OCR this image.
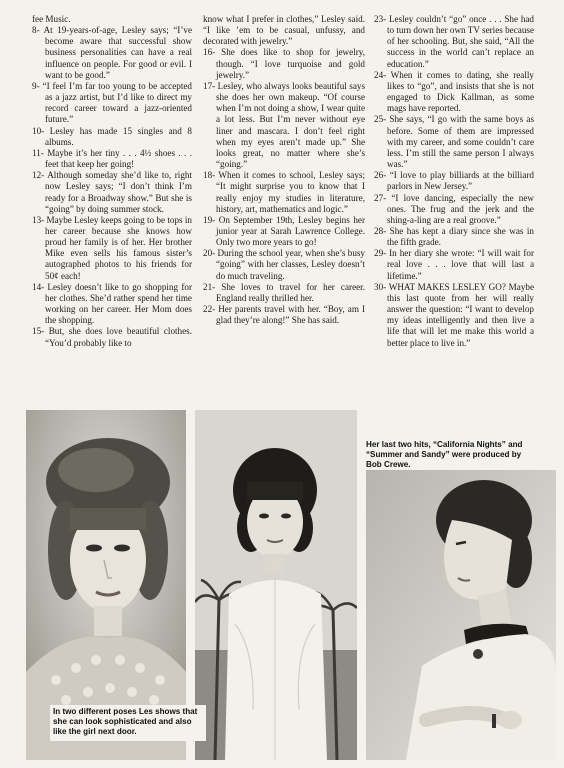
fee Music.

8- At 19-years-of-age, Lesley says; “I’ve become aware that successful show business personalities can have a real influence on people. For good or evil. I want to be good.”

9- “I feel I’m far too young to be accepted as a jazz artist, but I’d like to direct my record career toward a jazz-oriented future.”

10- Lesley has made 15 singles and 8 albums.

11- Maybe it’s her tiny . . . 4½ shoes . . . feet that keep her going!

12- Although someday she’d like to, right now Lesley says; “I don’t think I’m ready for a Broadway show.” But she is “going” by doing summer stock.

13- Maybe Lesley keeps going to be tops in her career because she knows how proud her family is of her. Her brother Mike even sells his famous sister’s autographed photos to his friends for 50¢ each!

14- Lesley doesn’t like to go shopping for her clothes. She’d rather spend her time working on her career. Her Mom does the shopping.

15- But, she does love beautiful clothes. “You’d probably like to

know what I prefer in clothes,” Lesley said. “I like ’em to be casual, unfussy, and decorated with jewelry.”

16- She does like to shop for jewelry, though. “I love turquoise and gold jewelry.”

17- Lesley, who always looks beautiful says she does her own makeup. “Of course when I’m not doing a show, I wear quite a lot less. But I’m never without eye liner and mascara. I don’t feel right when my eyes aren’t made up.” She looks great, no matter where she’s “going.”

18- When it comes to school, Lesley says; “It might surprise you to know that I really enjoy my studies in literature, history, art, mathematics and logic.”

19- On September 19th, Lesley begins her junior year at Sarah Lawrence College. Only two more years to go!

20- During the school year, when she’s busy “going” with her classes, Lesley doesn’t do much traveling.

21- She loves to travel for her career. England really thrilled her.

22- Her parents travel with her. “Boy, am I glad they’re along!” She has said.

23- Lesley couldn’t “go” once . . . She had to turn down her own TV series because of her schooling. But, she said, “All the success in the world can’t replace an education.”

24- When it comes to dating, she really likes to “go”, and insists that she is not engaged to Dick Kallman, as some mags have reported.

25- She says, “I go with the same boys as before. Some of them are impressed with my career, and some couldn’t care less. I’m still the same person I always was.”

26- “I love to play billiards at the billiard parlors in New Jersey.”

27- “I love dancing, especially the new ones. The frug and the jerk and the shing-a-ling are a real groove.”

28- She has kept a diary since she was in the fifth grade.

29- In her diary she wrote: “I will wait for real love . . . love that will last a lifetime.”

30- WHAT MAKES LESLEY GO? Maybe this last quote from her will really answer the question: “I want to develop my ideas intelligently and then live a life that will let me make this world a better place to live in.”

In two different poses Les shows that she can look sophisticated and also like the girl next door.
Her last two hits, “California Nights” and “Summer and Sandy” were produced by Bob Crewe.
